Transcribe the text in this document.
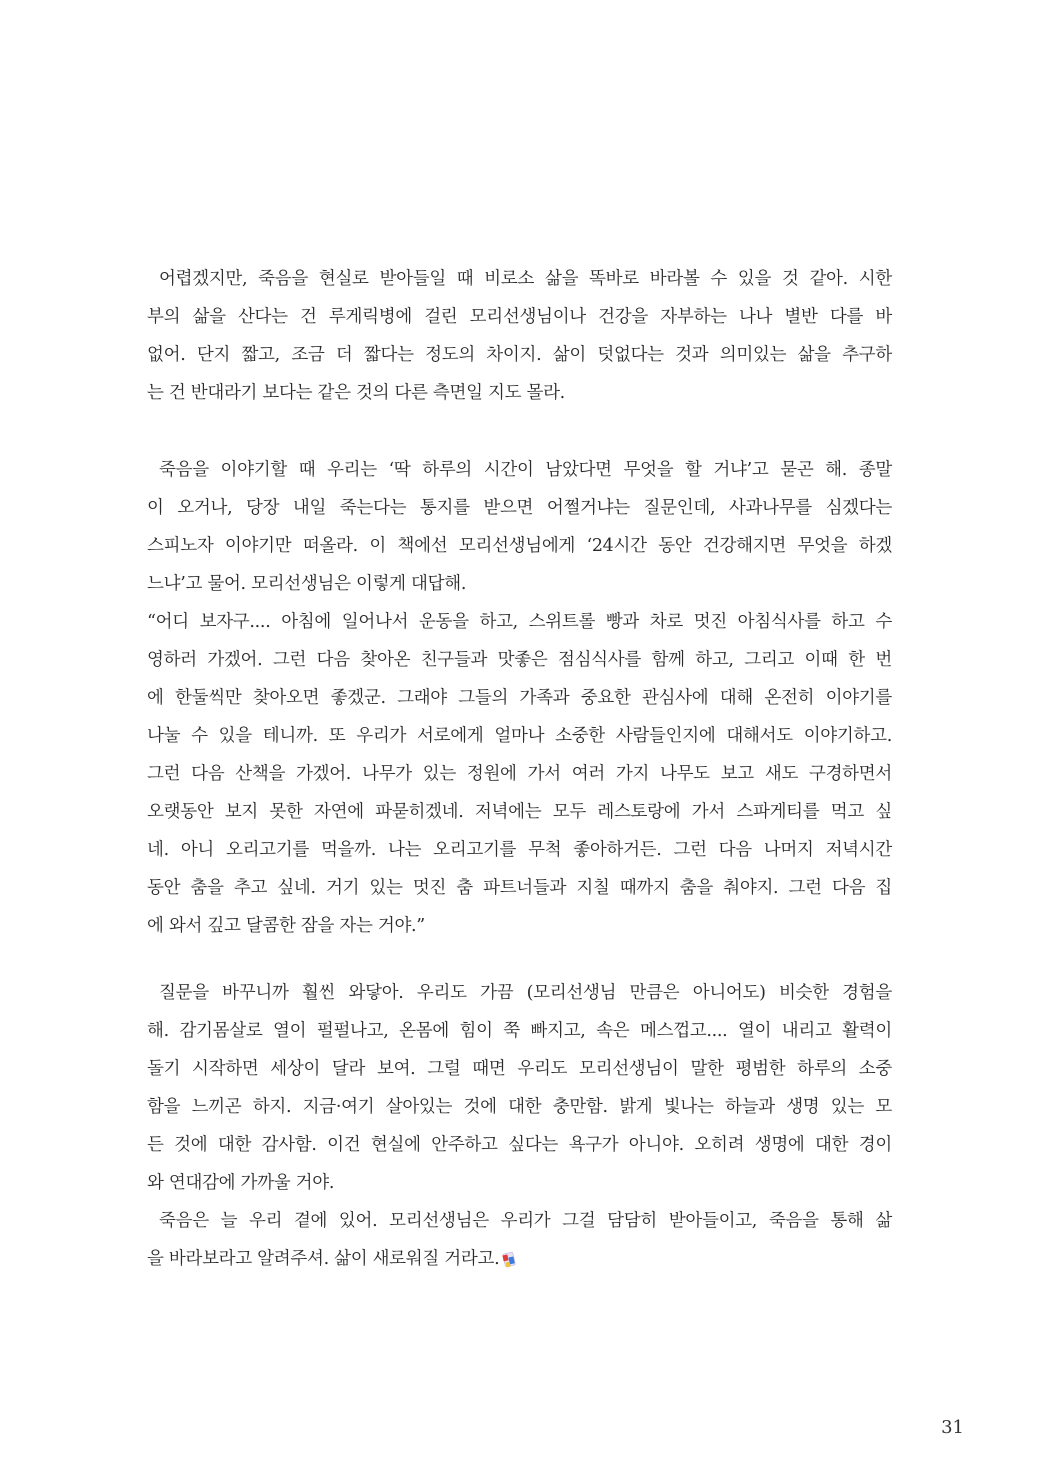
어렵겠지만, 죽음을 현실로 받아들일 때 비로소 삶을 똑바로 바라볼 수 있을 것 같아. 시한
부의 삶을 산다는 건 루게릭병에 걸린 모리선생님이나 건강을 자부하는 나나 별반 다를 바
없어. 단지 짧고, 조금 더 짧다는 정도의 차이지. 삶이 덧없다는 것과 의미있는 삶을 추구하
는 건 반대라기 보다는 같은 것의 다른 측면일 지도 몰라.
죽음을 이야기할 때 우리는 ‘딱 하루의 시간이 남았다면 무엇을 할 거냐’고 묻곤 해. 종말
이 오거나, 당장 내일 죽는다는 통지를 받으면 어쩔거냐는 질문인데, 사과나무를 심겠다는
스피노자 이야기만 떠올라. 이 책에선 모리선생님에게 ‘24시간 동안 건강해지면 무엇을 하겠
느냐’고 물어. 모리선생님은 이렇게 대답해.
“어디 보자구.... 아침에 일어나서 운동을 하고, 스위트롤 빵과 차로 멋진 아침식사를 하고 수
영하러 가겠어. 그런 다음 찾아온 친구들과 맛좋은 점심식사를 함께 하고, 그리고 이때 한 번
에 한둘씩만 찾아오면 좋겠군. 그래야 그들의 가족과 중요한 관심사에 대해 온전히 이야기를
나눌 수 있을 테니까. 또 우리가 서로에게 얼마나 소중한 사람들인지에 대해서도 이야기하고.
그런 다음 산책을 가겠어. 나무가 있는 정원에 가서 여러 가지 나무도 보고 새도 구경하면서
오랫동안 보지 못한 자연에 파묻히겠네. 저녁에는 모두 레스토랑에 가서 스파게티를 먹고 싶
네. 아니 오리고기를 먹을까. 나는 오리고기를 무척 좋아하거든. 그런 다음 나머지 저녁시간
동안 춤을 추고 싶네. 거기 있는 멋진 춤 파트너들과 지칠 때까지 춤을 춰야지. 그런 다음 집
에 와서 깊고 달콤한 잠을 자는 거야.”
질문을 바꾸니까 훨씬 와닿아. 우리도 가끔 (모리선생님 만큼은 아니어도) 비슷한 경험을
해. 감기몸살로 열이 펄펄나고, 온몸에 힘이 쭉 빠지고, 속은 메스껍고.... 열이 내리고 활력이
돌기 시작하면 세상이 달라 보여. 그럴 때면 우리도 모리선생님이 말한 평범한 하루의 소중
함을 느끼곤 하지. 지금·여기 살아있는 것에 대한 충만함. 밝게 빛나는 하늘과 생명 있는 모
든 것에 대한 감사함. 이건 현실에 안주하고 싶다는 욕구가 아니야. 오히려 생명에 대한 경이
와 연대감에 가까울 거야.
죽음은 늘 우리 곁에 있어. 모리선생님은 우리가 그걸 담담히 받아들이고, 죽음을 통해 삶
을 바라보라고 알려주셔. 삶이 새로워질 거라고.
31
